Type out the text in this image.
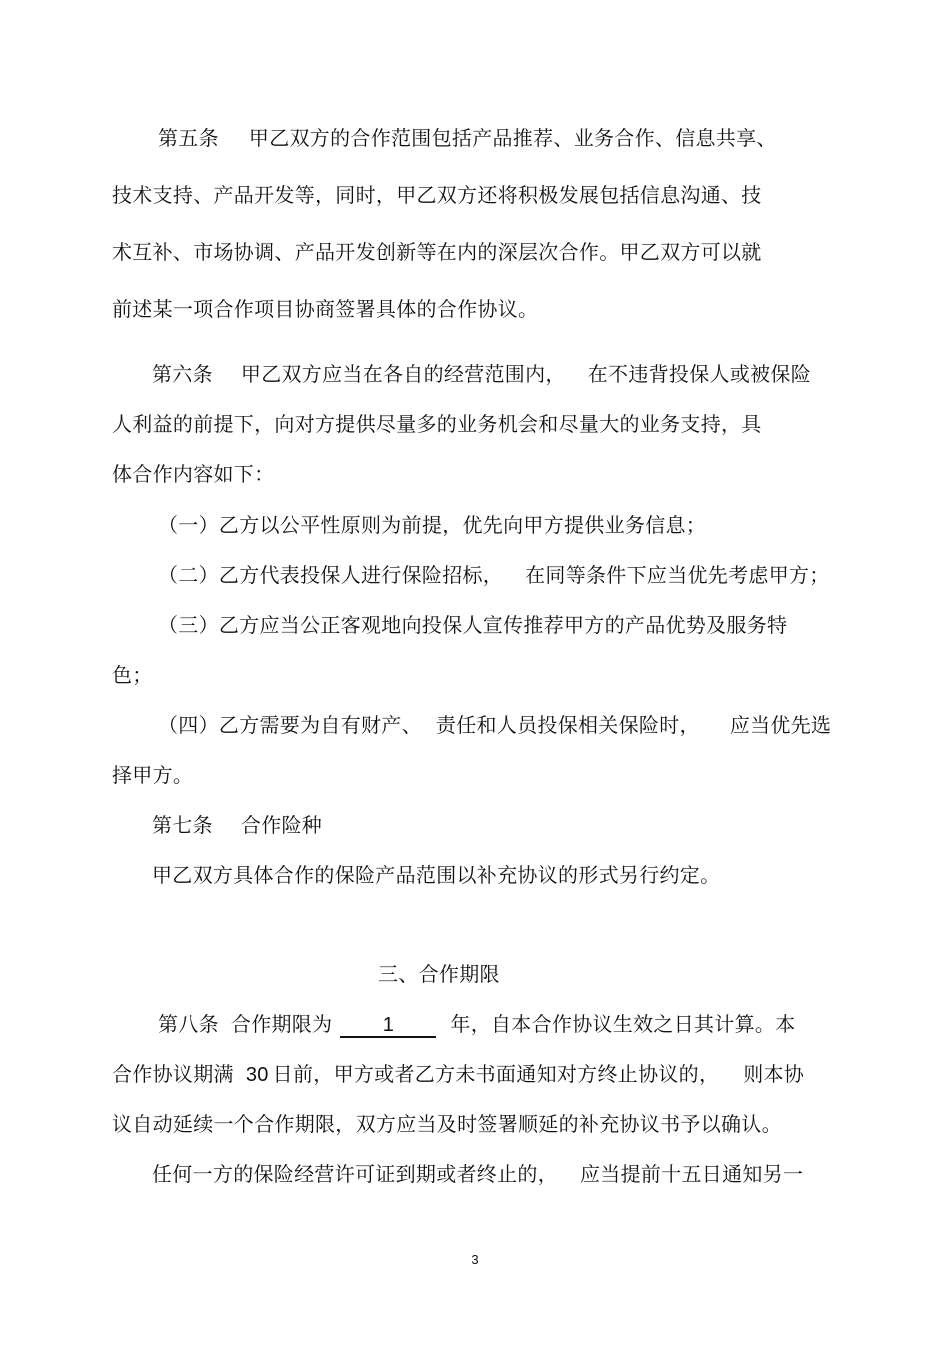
第五条 甲乙双方的合作范围包括产品推荐、业务合作、信息共享、
技术支持、产品开发等，同时，甲乙双方还将积极发展包括信息沟通、技
术互补、市场协调、产品开发创新等在内的深层次合作。甲乙双方可以就
前述某一项合作项目协商签署具体的合作协议。
第六条 甲乙双方应当在各自的经营范围内， 在不违背投保人或被保险
人利益的前提下，向对方提供尽量多的业务机会和尽量大的业务支持，具
体合作内容如下：
（一）乙方以公平性原则为前提，优先向甲方提供业务信息；
（二）乙方代表投保人进行保险招标， 在同等条件下应当优先考虑甲方；
（三）乙方应当公正客观地向投保人宣传推荐甲方的产品优势及服务特
色；
（四）乙方需要为自有财产、 责任和人员投保相关保险时， 应当优先选
择甲方。
第七条 合作险种
甲乙双方具体合作的保险产品范围以补充协议的形式另行约定。
三、合作期限
第八条 合作期限为	1	年，自本合作协议生效之日其计算。本
合作协议期满 30 日前，甲方或者乙方未书面通知对方终止协议的， 则本协
议自动延续一个合作期限，双方应当及时签署顺延的补充协议书予以确认。
任何一方的保险经营许可证到期或者终止的， 应当提前十五日通知另一
3
